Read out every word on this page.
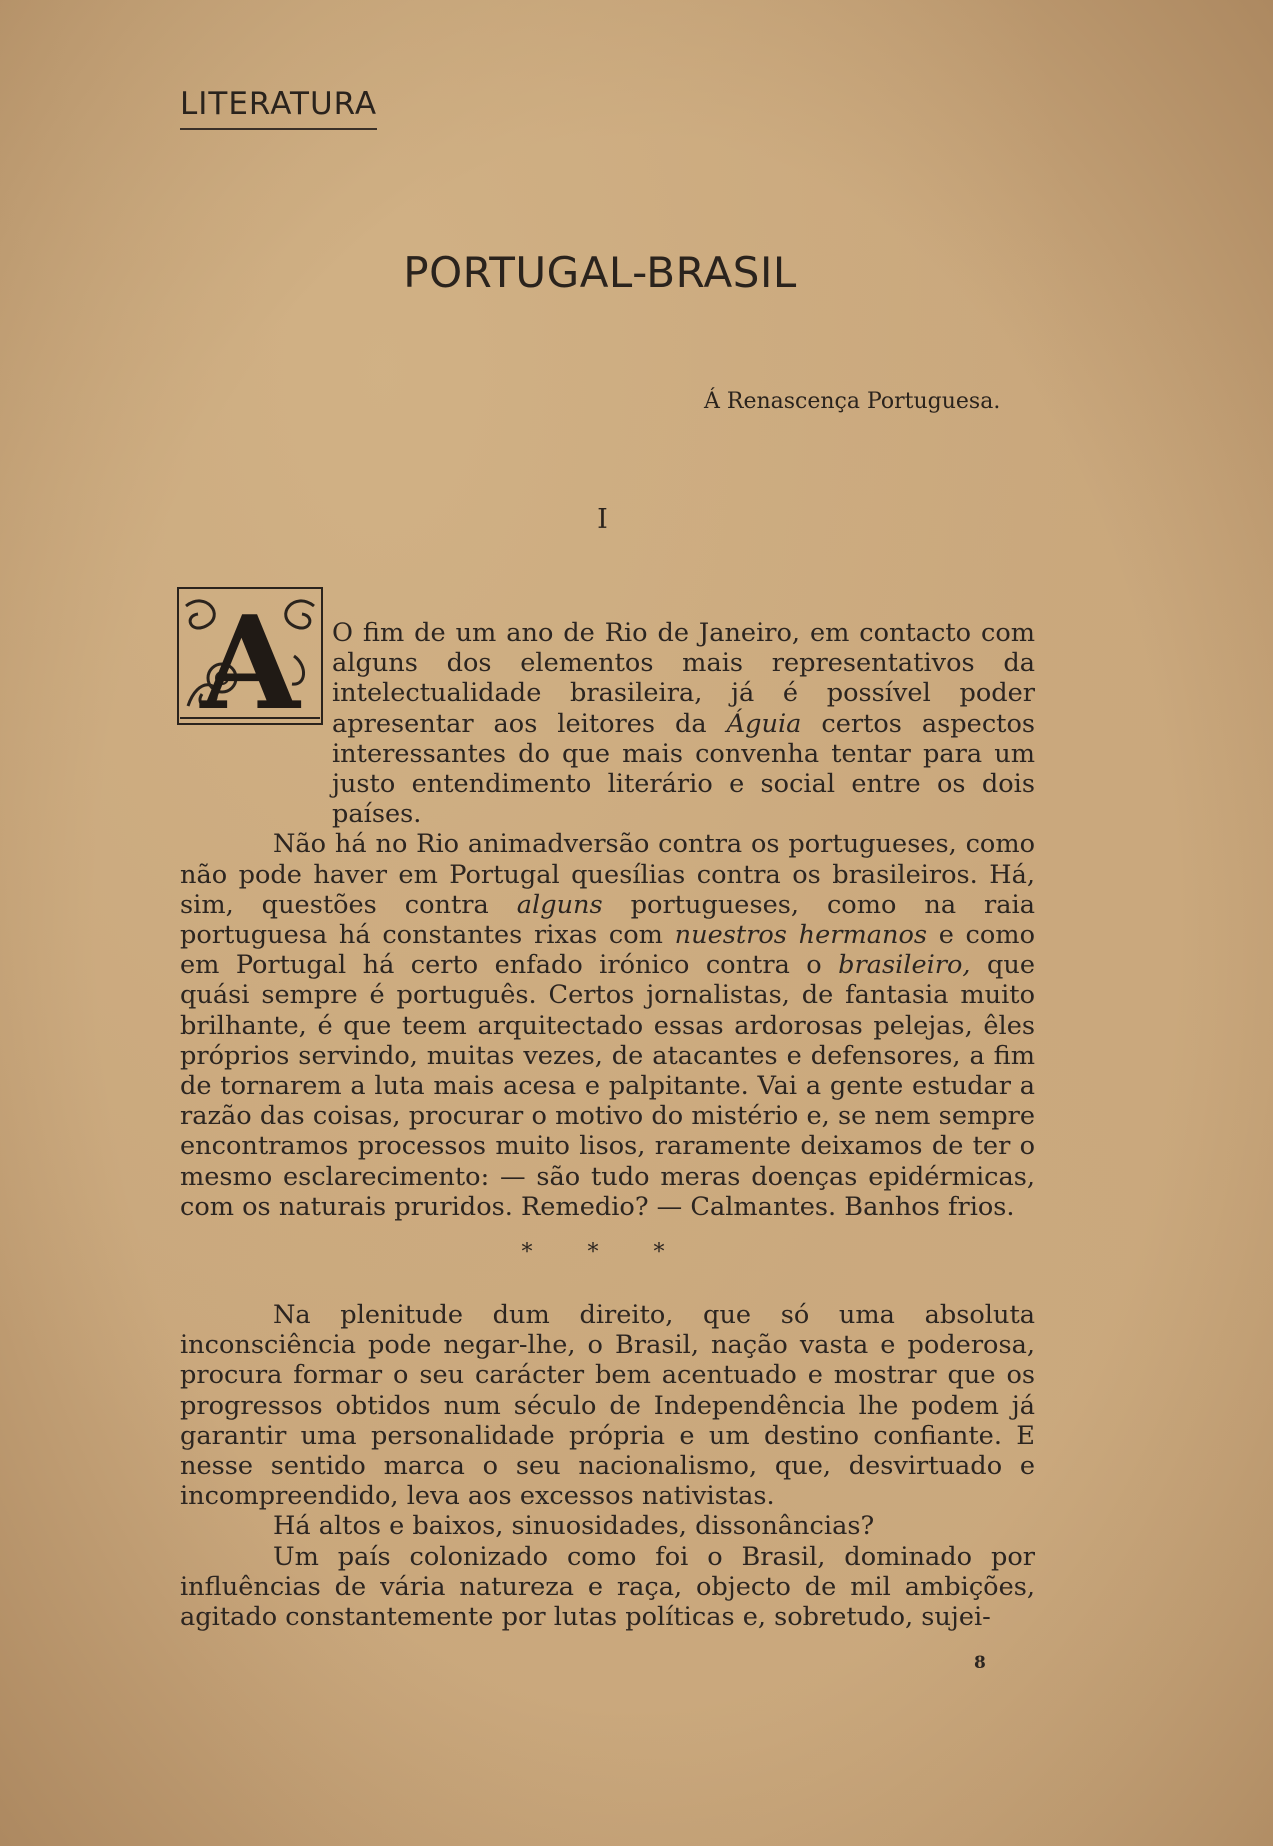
LITERATURA
PORTUGAL-BRASIL
Á Renascença Portuguesa.
I
A	O fim de um ano de Rio de Janeiro, em contacto com alguns dos elementos mais representativos da intelectualidade brasileira, já é possível poder apresentar aos leitores da Águia certos aspectos interessantes do que mais convenha tentar para um justo entendimento literário e social entre os dois países.

Não há no Rio animadversão contra os portugueses, como não pode haver em Portugal quesílias contra os brasileiros. Há, sim, questões contra alguns portugueses, como na raia portuguesa há constantes rixas com nuestros hermanos e como em Portugal há certo enfado irónico contra o brasileiro, que quási sempre é português. Certos jornalistas, de fantasia muito brilhante, é que teem arquitectado essas ardorosas pelejas, êles próprios servindo, muitas vezes, de atacantes e defensores, a fim de tornarem a luta mais acesa e palpitante. Vai a gente estudar a razão das coisas, procurar o motivo do mistério e, se nem sempre encontramos processos muito lisos, raramente deixamos de ter o mesmo esclarecimento: — são tudo meras doenças epidérmicas, com os naturais pruridos. Remedio? — Calmantes. Banhos frios.

* * *

Na plenitude dum direito, que só uma absoluta inconsciência pode negar-lhe, o Brasil, nação vasta e poderosa, procura formar o seu carácter bem acentuado e mostrar que os progressos obtidos num século de Independência lhe podem já garantir uma personalidade própria e um destino confiante. E nesse sentido marca o seu nacionalismo, que, desvirtuado e incompreendido, leva aos excessos nativistas.

Há altos e baixos, sinuosidades, dissonâncias?

Um país colonizado como foi o Brasil, dominado por influências de vária natureza e raça, objecto de mil ambições, agitado constantemente por lutas políticas e, sobretudo, sujei-

8
